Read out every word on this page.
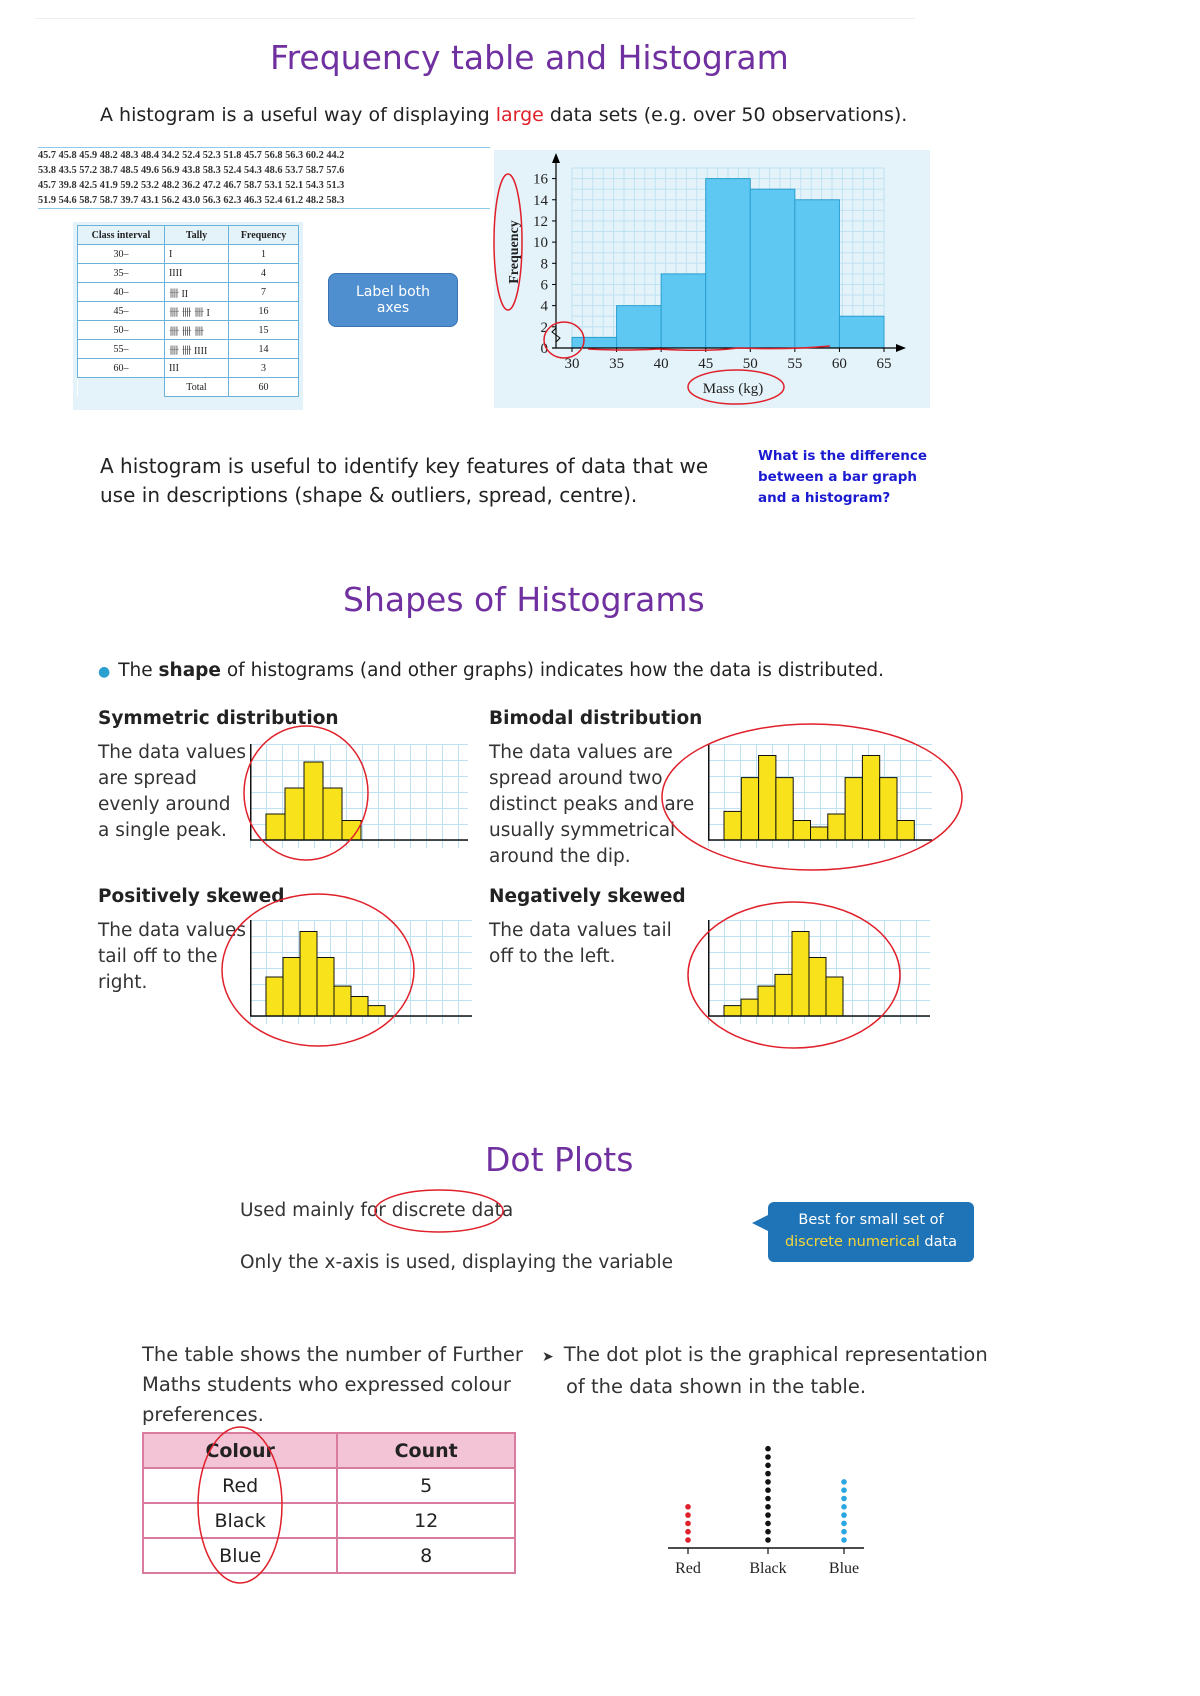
Frequency table and Histogram
A histogram is a useful way of displaying large data sets (e.g. over 50 observations).
45.7 45.8 45.9 48.2 48.3 48.4 34.2 52.4 52.3 51.8 45.7 56.8 56.3 60.2 44.2
53.8 43.5 57.2 38.7 48.5 49.6 56.9 43.8 58.3 52.4 54.3 48.6 53.7 58.7 57.6
45.7 39.8 42.5 41.9 59.2 53.2 48.2 36.2 47.2 46.7 58.7 53.1 52.1 54.3 51.3
51.9 54.6 58.7 58.7 39.7 43.1 56.2 43.0 56.3 62.3 46.3 52.4 61.2 48.2 58.3
Class interval	Tally	Frequency
30–	I	1
35–	IIII	4
40–	卌 II	7
45–	卌 卌 卌 I	16
50–	卌 卌 卌	15
55–	卌 卌 IIII	14
60–	III	3
	Total	60
Label both axes
0
2
4
6
8
10
12
14
16
30 35 40 45 50 55 60 65
Mass (kg)
Frequency
A histogram is useful to identify key features of data that we
use in descriptions (shape & outliers, spread, centre).
What is the difference
between a bar graph
and a histogram?
Shapes of Histograms
● The shape of histograms (and other graphs) indicates how the data is distributed.
Symmetric distribution
The data values
are spread
evenly around
a single peak.
Bimodal distribution
The data values are
spread around two
distinct peaks and are
usually symmetrical
around the dip.
Positively skewed
The data values
tail off to the
right.
Negatively skewed
The data values tail
off to the left.
Dot Plots
Used mainly for discrete data
Only the x-axis is used, displaying the variable
Best for small set of
discrete numerical data
The table shows the number of Further
Maths students who expressed colour
preferences.
Colour	Count
Red	5
Black	12
Blue	8
➤ The dot plot is the graphical representation
of the data shown in the table.
Red	Black	Blue
